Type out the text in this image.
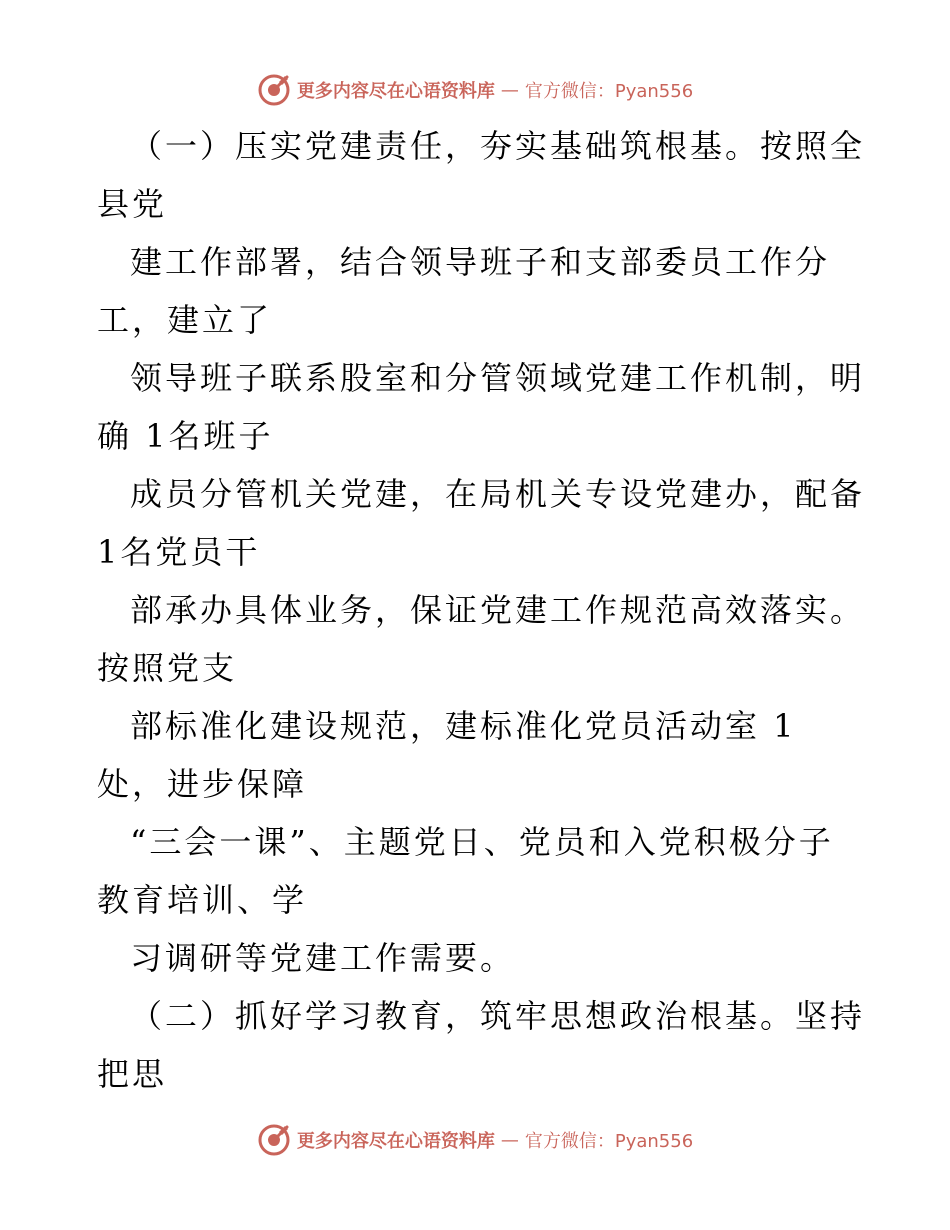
更多内容尽在心语资料库 — 官方微信：Pyan556
（一）压实党建责任，夯实基础筑根基。按照全
县党
建工作部署，结合领导班子和支部委员工作分
工，建立了
领导班子联系股室和分管领域党建工作机制，明
确 1名班子
成员分管机关党建，在局机关专设党建办，配备
1名党员干
部承办具体业务，保证党建工作规范高效落实。
按照党支
部标准化建设规范，建标准化党员活动室 1
处，进步保障
“三会一课”、主题党日、党员和入党积极分子
教育培训、学
习调研等党建工作需要。
（二）抓好学习教育，筑牢思想政治根基。坚持
把思
更多内容尽在心语资料库 — 官方微信：Pyan556
